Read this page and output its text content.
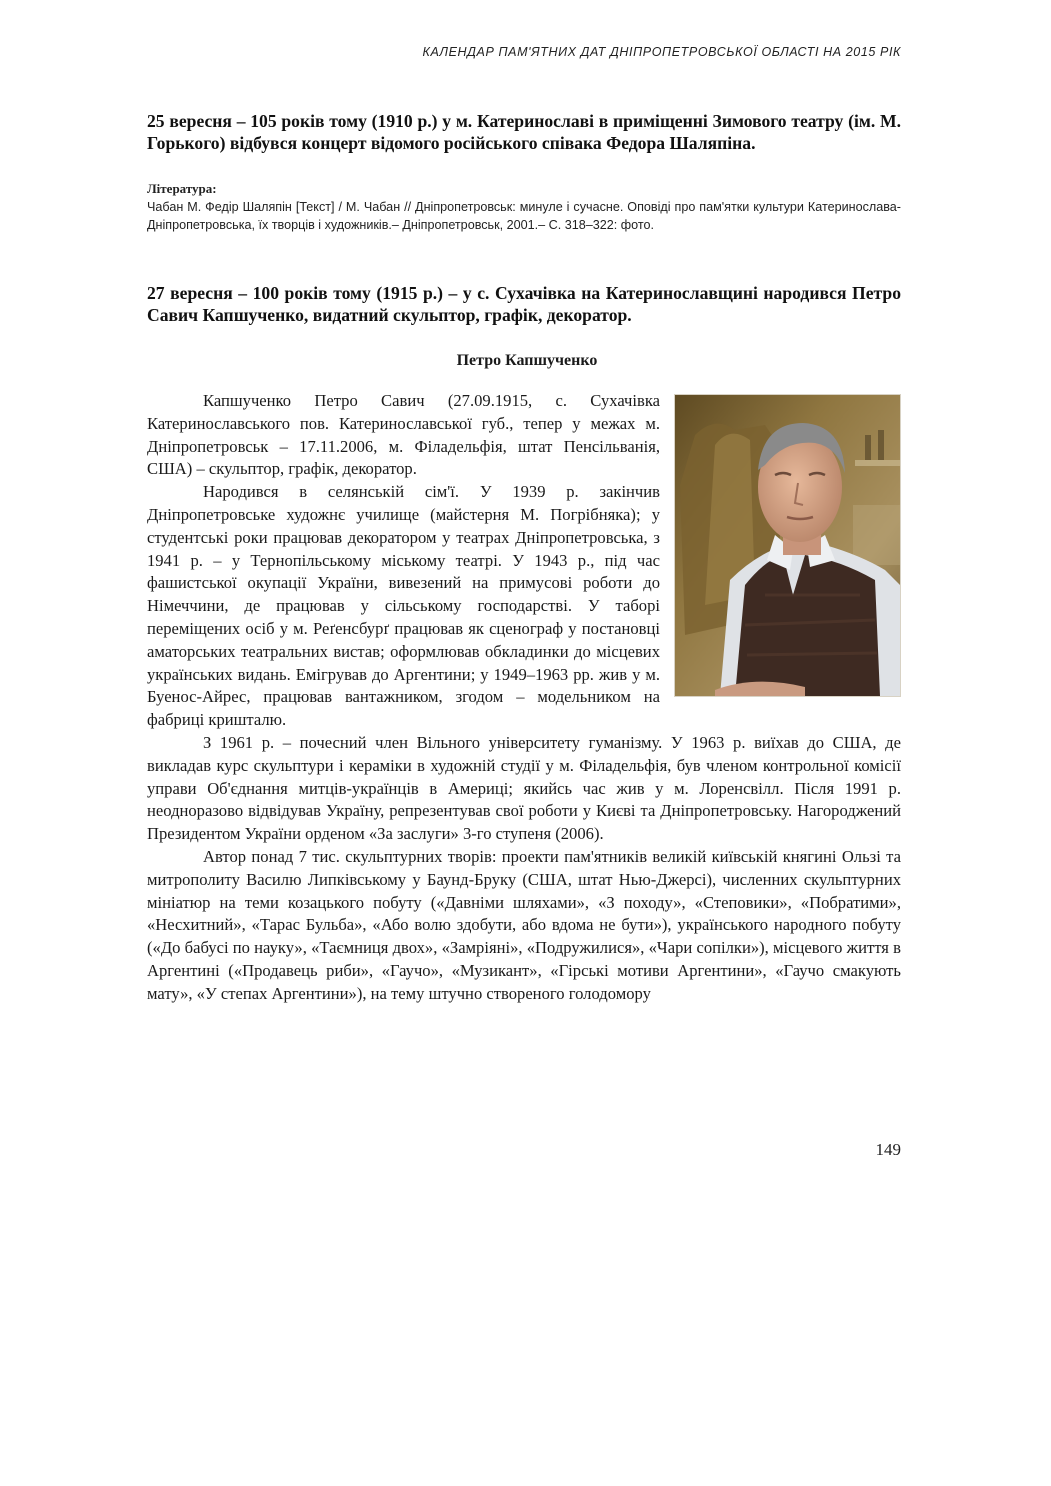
КАЛЕНДАР ПАМ'ЯТНИХ ДАТ ДНІПРОПЕТРОВСЬКОЇ ОБЛАСТІ НА 2015 РІК

25 вересня – 105 років тому (1910 р.) у м. Катеринославі в приміщенні Зимового театру (ім. М. Горького) відбувся концерт відомого російського співака Федора Шаляпіна.

Література:

Чабан М. Федір Шаляпін [Текст] / М. Чабан // Дніпропетровськ: минуле і сучасне. Оповіді про пам'ятки культури Катеринослава-Дніпропетровська, їх творців і художників.– Дніпропетровськ, 2001.– С. 318–322: фото.

27 вересня – 100 років тому (1915 р.) – у с. Сухачівка на Катеринославщині народився Петро Савич Капшученко, видатний скульптор, графік, декоратор.

Петро Капшученко

Капшученко Петро Савич (27.09.1915, с. Сухачівка Катеринославського пов. Катеринославської губ., тепер у межах м. Дніпропетровськ – 17.11.2006, м. Філадельфія, штат Пенсільванія, США) – скульптор, графік, декоратор.

Народився в селянській сім'ї. У 1939 р. закінчив Дніпропетровське художнє училище (майстерня М. Погрібняка); у студентські роки працював декоратором у театрах Дніпропетровська, з 1941 р. – у Тернопільському міському театрі. У 1943 р., під час фашистської окупації України, вивезений на примусові роботи до Німеччини, де працював у сільському господарстві. У таборі переміщених осіб у м. Реґенсбурґ працював як сценограф у постановці аматорських театральних вистав; оформлював обкладинки до місцевих українських видань. Емігрував до Аргентини; у 1949–1963 рр. жив у м. Буенос-Айрес, працював вантажником, згодом – модельником на фабриці кришталю.

З 1961 р. – почесний член Вільного університету гуманізму. У 1963 р. виїхав до США, де викладав курс скульптури і кераміки в художній студії у м. Філадельфія, був членом контрольної комісії управи Об'єднання митців-українців в Америці; якийсь час жив у м. Лоренсвілл. Після 1991 р. неодноразово відвідував Україну, репрезентував свої роботи у Києві та Дніпропетровську. Нагороджений Президентом України орденом «За заслуги» 3-го ступеня (2006).

Автор понад 7 тис. скульптурних творів: проекти пам'ятників великій київській княгині Ользі та митрополиту Василю Липківському у Баунд-Бруку (США, штат Нью-Джерсі), численних скульптурних мініатюр на теми козацького побуту («Давніми шляхами», «З походу», «Степовики», «Побратими», «Несхитний», «Тарас Бульба», «Або волю здобути, або вдома не бути»), українського народного побуту («До бабусі по науку», «Таємниця двох», «Замріяні», «Подружилися», «Чари сопілки»), місцевого життя в Аргентині («Продавець риби», «Гаучо», «Музикант», «Гірські мотиви Аргентини», «Гаучо смакують мату», «У степах Аргентини»), на тему штучно створеного голодомору

149
